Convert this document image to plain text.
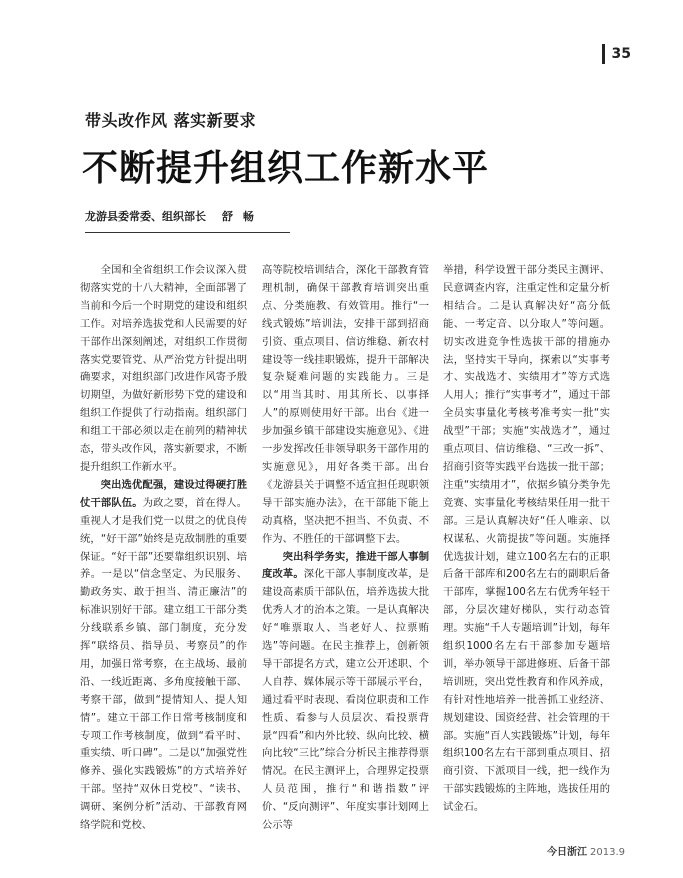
35
带头改作风 落实新要求
不断提升组织工作新水平
龙游县委常委、组织部长 舒 畅

全国和全省组织工作会议深入贯彻落实党的十八大精神，全面部署了当前和今后一个时期党的建设和组织工作。对培养选拔党和人民需要的好干部作出深刻阐述，对组织工作贯彻落实党要管党、从严治党方针提出明确要求，对组织部门改进作风寄予殷切期望，为做好新形势下党的建设和组织工作提供了行动指南。组织部门和组工干部必须以走在前列的精神状态，带头改作风，落实新要求，不断提升组织工作新水平。

突出选优配强，建设过得硬打胜仗干部队伍。为政之要，首在得人。重视人才是我们党一以贯之的优良传统，“好干部”始终是克敌制胜的重要保证。“好干部”还要靠组织识别、培养。一是以“信念坚定、为民服务、勤政务实、敢于担当、清正廉洁”的标准识别好干部。建立组工干部分类分线联系乡镇、部门制度，充分发挥“联络员、指导员、考察员”的作用，加强日常考察，在主战场、最前沿、一线近距离、多角度接触干部、考察干部，做到“提情知人、提人知情”。建立干部工作日常考核制度和专项工作考核制度，做到“看平时、重实绩、听口碑”。二是以“加强党性修养、强化实践锻炼”的方式培养好干部。坚持“双休日党校”、“读书、调研、案例分析”活动、干部教育网络学院和党校、

高等院校培训结合，深化干部教育管理机制，确保干部教育培训突出重点、分类施教、有效管用。推行“一线式锻炼”培训法，安排干部到招商引资、重点项目、信访维稳、新农村建设等一线挂职锻炼，提升干部解决复杂疑难问题的实践能力。三是以“用当其时、用其所长、以事择人”的原则使用好干部。出台《进一步加强乡镇干部建设实施意见》、《进一步发挥改任非领导职务干部作用的实施意见》，用好各类干部。出台《龙游县关于调整不适宜担任现职领导干部实施办法》，在干部能下能上动真格，坚决把不担当、不负责、不作为、不胜任的干部调整下去。

突出科学务实，推进干部人事制度改革。深化干部人事制度改革，是建设高素质干部队伍，培养选拔大批优秀人才的治本之策。一是认真解决好“唯票取人、当老好人、拉票贿选”等问题。在民主推荐上，创新领导干部提名方式，建立公开述职、个人自荐、媒体展示等干部展示平台，通过看平时表现、看岗位职责和工作性质、看参与人员层次、看投票背景“四看”和内外比较、纵向比较、横向比较“三比”综合分析民主推荐得票情况。在民主测评上，合理界定投票人员范围，推行“和谐指数”评价、“反向测评”、年度实事计划网上公示等

举措，科学设置干部分类民主测评、民意调查内容，注重定性和定量分析相结合。二是认真解决好“高分低能、一考定音、以分取人”等问题。切实改进竞争性选拔干部的措施办法，坚持实干导向，探索以“实事考才、实战选才、实绩用才”等方式选人用人；推行“实事考才”，通过干部全员实事量化考核考准考实一批“实战型”干部；实施“实战选才”，通过重点项目、信访维稳、“三改一拆”、招商引资等实践平台选拔一批干部；注重“实绩用才”，依据乡镇分类争先竞赛、实事量化考核结果任用一批干部。三是认真解决好“任人唯亲、以权谋私、火箭提拔”等问题。实施择优选拔计划，建立100名左右的正职后备干部库和200名左右的副职后备干部库，掌握100名左右优秀年轻干部，分层次建好梯队，实行动态管理。实施“千人专题培训”计划，每年组织1000名左右干部参加专题培训，举办领导干部进修班、后备干部培训班，突出党性教育和作风养成，有针对性地培养一批善抓工业经济、规划建设、国资经营、社会管理的干部。实施“百人实践锻炼”计划，每年组织100名左右干部到重点项目、招商引资、下派项目一线，把一线作为干部实践锻炼的主阵地，选拔任用的试金石。

今日浙江 2013.9
